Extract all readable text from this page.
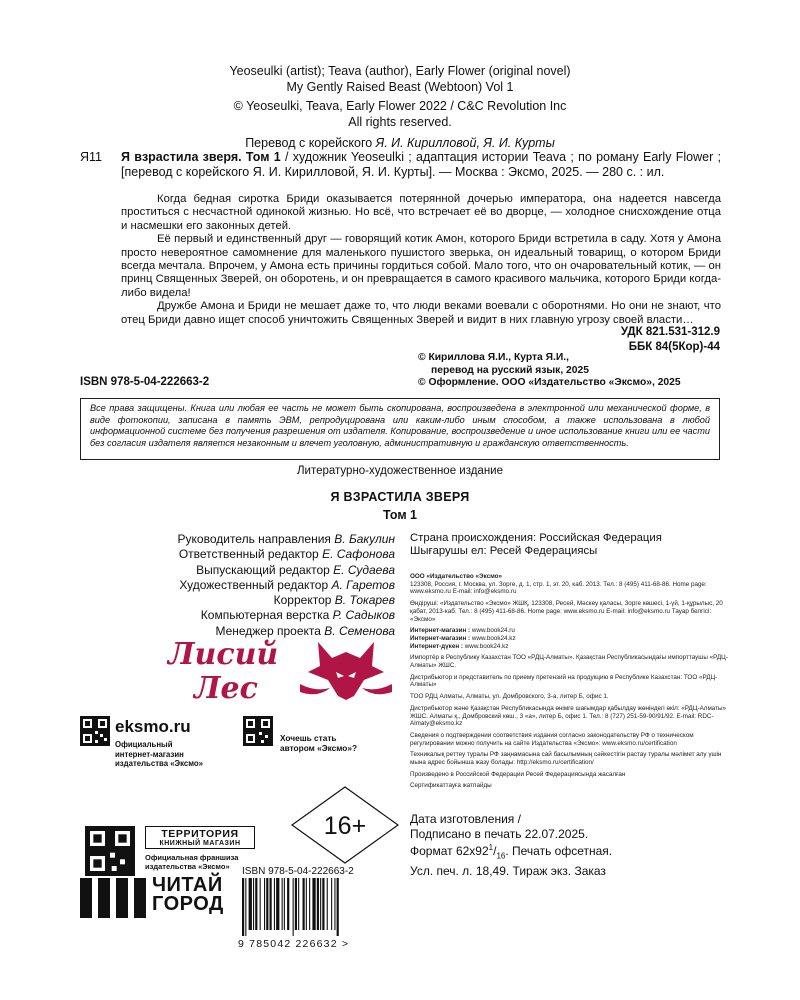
Yeoseulki (artist); Teava (author), Early Flower (original novel)
My Gently Raised Beast (Webtoon) Vol 1
© Yeoseulki, Teava, Early Flower 2022 / C&C Revolution Inc
All rights reserved.
Перевод с корейского Я. И. Кирилловой, Я. И. Курты
Я11 Я взрастила зверя. Том 1 / художник Yeoseulki ; адаптация истории Teava ; по роману Early Flower ; [перевод с корейского Я. И. Кирилловой, Я. И. Курты]. — Москва : Эксмо, 2025. — 280 с. : ил.

Когда бедная сиротка Бриди оказывается потерянной дочерью императора, она надеется навсегда проститься с несчастной одинокой жизнью. Но всё, что встречает её во дворце, — холодное снисхождение отца и насмешки его законных детей.

Её первый и единственный друг — говорящий котик Амон, которого Бриди встретила в саду. Хотя у Амона просто невероятное самомнение для маленького пушистого зверька, он идеальный товарищ, о котором Бриди всегда мечтала. Впрочем, у Амона есть причины гордиться собой. Мало того, что он очаровательный котик, — он принц Священных Зверей, он оборотень, и он превращается в самого красивого мальчика, которого Бриди когда-либо видела!

Дружбе Амона и Бриди не мешает даже то, что люди веками воевали с оборотнями. Но они не знают, что отец Бриди давно ищет способ уничтожить Священных Зверей и видит в них главную угрозу своей власти…

УДК 821.531-312.9
ББК 84(5Кор)-44
© Кириллова Я.И., Курта Я.И.,
перевод на русский язык, 2025
© Оформление. ООО «Издательство «Эксмо», 2025
ISBN 978-5-04-222663-2
Все права защищены. Книга или любая ее часть не может быть скопирована, воспроизведена в электронной или механической форме, в виде фотокопии, записана в память ЭВМ, репродуцирована или каким-либо иным способом, а также использована в любой информационной системе без получения разрешения от издателя. Копирование, воспроизведение и иное использование книги или ее части без согласия издателя является незаконным и влечет уголовную, административную и гражданскую ответственность.
Литературно-художественное издание
Я ВЗРАСТИЛА ЗВЕРЯ
Том 1
Руководитель направления В. Бакулин
Ответственный редактор Е. Сафонова
Выпускающий редактор Е. Судаева
Художественный редактор А. Гаретов
Корректор В. Токарев
Компьютерная верстка Р. Садыков
Менеджер проекта В. Семенова
Страна происхождения: Российская Федерация
Шығарушы ел: Ресей Федерациясы
ООО «Издательство «Эксмо»
123308, Россия, г. Москва, ул. Зорге, д. 1, стр. 1, эт. 20, каб. 2013. Тел.: 8 (495) 411-68-86. Home page: www.eksmo.ru E-mail: info@eksmo.ru
Өндіруші: «Издательство «Эксмо» ЖШҚ, 123308, Ресей, Мәскеу қаласы, Зорге көшесі, 1-үй, 1-құрылыс, 20 қабат, 2013-каб. Тел.: 8 (495) 411-68-86. Home page: www.eksmo.ru E-mail: info@eksmo.ru Тауар белгісі: «Эксмо»
Интернет-магазин : www.book24.ru
Интернет-магазин : www.book24.kz
Интернет-дүкен : www.book24.kz
Импортёр в Республику Казахстан ТОО «РДЦ-Алматы». Қазақстан Республикасындағы импорттаушы «РДЦ-Алматы» ЖШС.
Дистрибьютор и представитель по приему претензий на продукцию в Республике Казахстан: ТОО «РДЦ-Алматы»
ТОО РДЦ Алматы, Алматы, ул. Домбровского, 3-а, литер Б, офис 1.
Дистрибьютор және Қазақстан Республикасында өнімге шағымдар қабылдау жөніндегі өкіл: «РДЦ-Алматы» ЖШС. Алматы қ., Домбровский көш., 3 «а», литер Б, офис 1. Тел.: 8 (727) 251-59-90/91/92. E-mail: RDC-Almaty@eksmo.kz
Сведения о подтверждении соответствия издания согласно законодательству РФ о техническом регулировании можно получить на сайте Издательства «Эксмо»: www.eksmo.ru/certification
Техникалық реттеу туралы РФ заңнамасына сай басылымның сәйкестігін растау туралы мәлімет алу үшін мына адрес бойынша жазу болады: http://eksmo.ru/certification/
Произведено в Российской Федерации Ресей Федерациясында жасалған
Сертификаттауға жатпайды
Лисий
Лес
eksmo.ru
Официальный
интернет-магазин
издательства «Эксмо»
Хочешь стать
автором «Эксмо»?
ТЕРРИТОРИЯ
КНИЖНЫЙ МАГАЗИН
Официальная франшиза
издательства «Эксмо»
16+	Дата изготовления /
Подписано в печать 22.07.2025.
Формат $62х92^1/_{16}$. Печать офсетная.
Усл. печ. л. 18,49. Тираж экз. Заказ
ЧИТАЙ
ГОРОД
ISBN 978-5-04-222663-2
9 785042 226632 >
